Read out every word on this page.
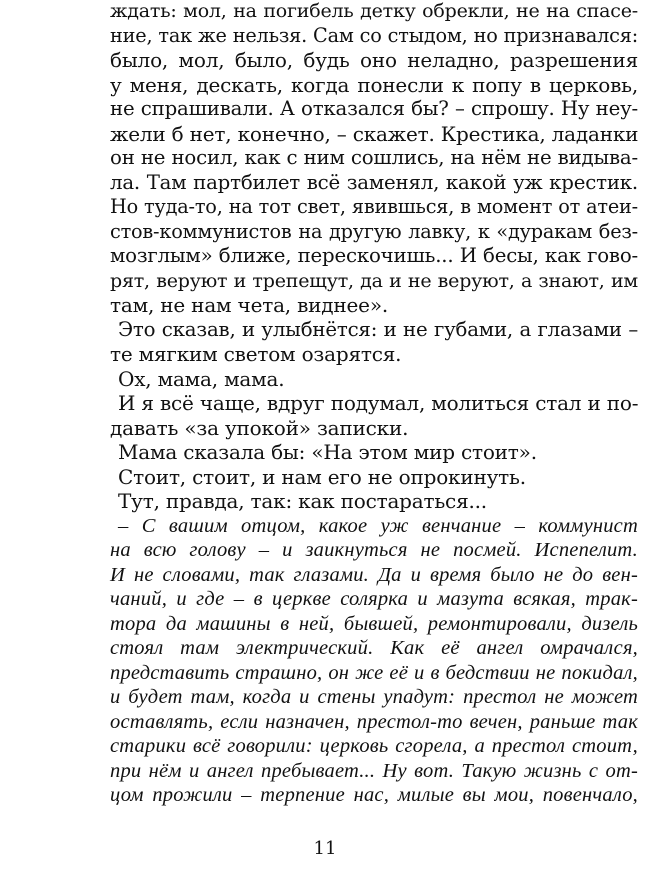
ждать: мол, на погибель детку обрекли, не на спасе-
ние, так же нельзя. Сам со стыдом, но признавался:
было, мол, было, будь оно неладно, разрешения
у меня, дескать, когда понесли к попу в церковь,
не спрашивали. А отказался бы? – спрошу. Ну неу-
жели б нет, конечно, – скажет. Крестика, ладанки
он не носил, как с ним сошлись, на нём не видыва-
ла. Там партбилет всё заменял, какой уж крестик.
Но туда-то, на тот свет, явившься, в момент от атеи-
стов-коммунистов на другую лавку, к «дуракам без-
мозглым» ближе, перескочишь... И бесы, как гово-
рят, веруют и трепещут, да и не веруют, а знают, им
там, не нам чета, виднее».
Это сказав, и улыбнётся: и не губами, а глазами –
те мягким светом озарятся.
Ох, мама, мама.
И я всё чаще, вдруг подумал, молиться стал и по-
давать «за упокой» записки.
Мама сказала бы: «На этом мир стоит».
Стоит, стоит, и нам его не опрокинуть.
Тут, правда, так: как постараться...
– С вашим отцом, какое уж венчание – коммунист
на всю голову – и заикнуться не посмей. Испепелит.
И не словами, так глазами. Да и время было не до вен-
чаний, и где – в церкве солярка и мазута всякая, трак-
тора да машины в ней, бывшей, ремонтировали, дизель
стоял там электрический. Как её ангел омрачался,
представить страшно, он же её и в бедствии не покидал,
и будет там, когда и стены упадут: престол не может
оставлять, если назначен, престол-то вечен, раньше так
старики всё говорили: церковь сгорела, а престол стоит,
при нём и ангел пребывает... Ну вот. Такую жизнь с от-
цом прожили – терпение нас, милые вы мои, повенчало,
11
